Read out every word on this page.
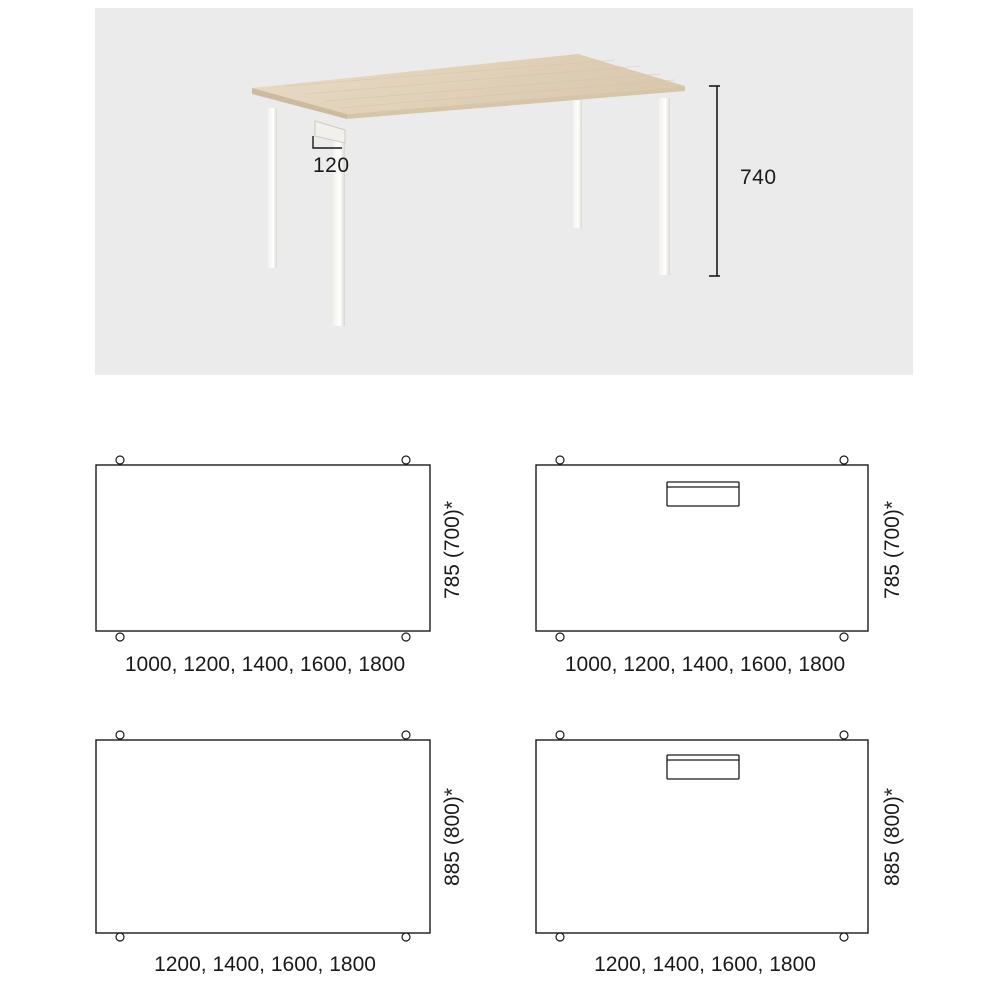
120
740
1000, 1200, 1400, 1600, 1800
785 (700)*
1000, 1200, 1400, 1600, 1800
785 (700)*
1200, 1400, 1600, 1800
885 (800)*
1200, 1400, 1600, 1800
885 (800)*
